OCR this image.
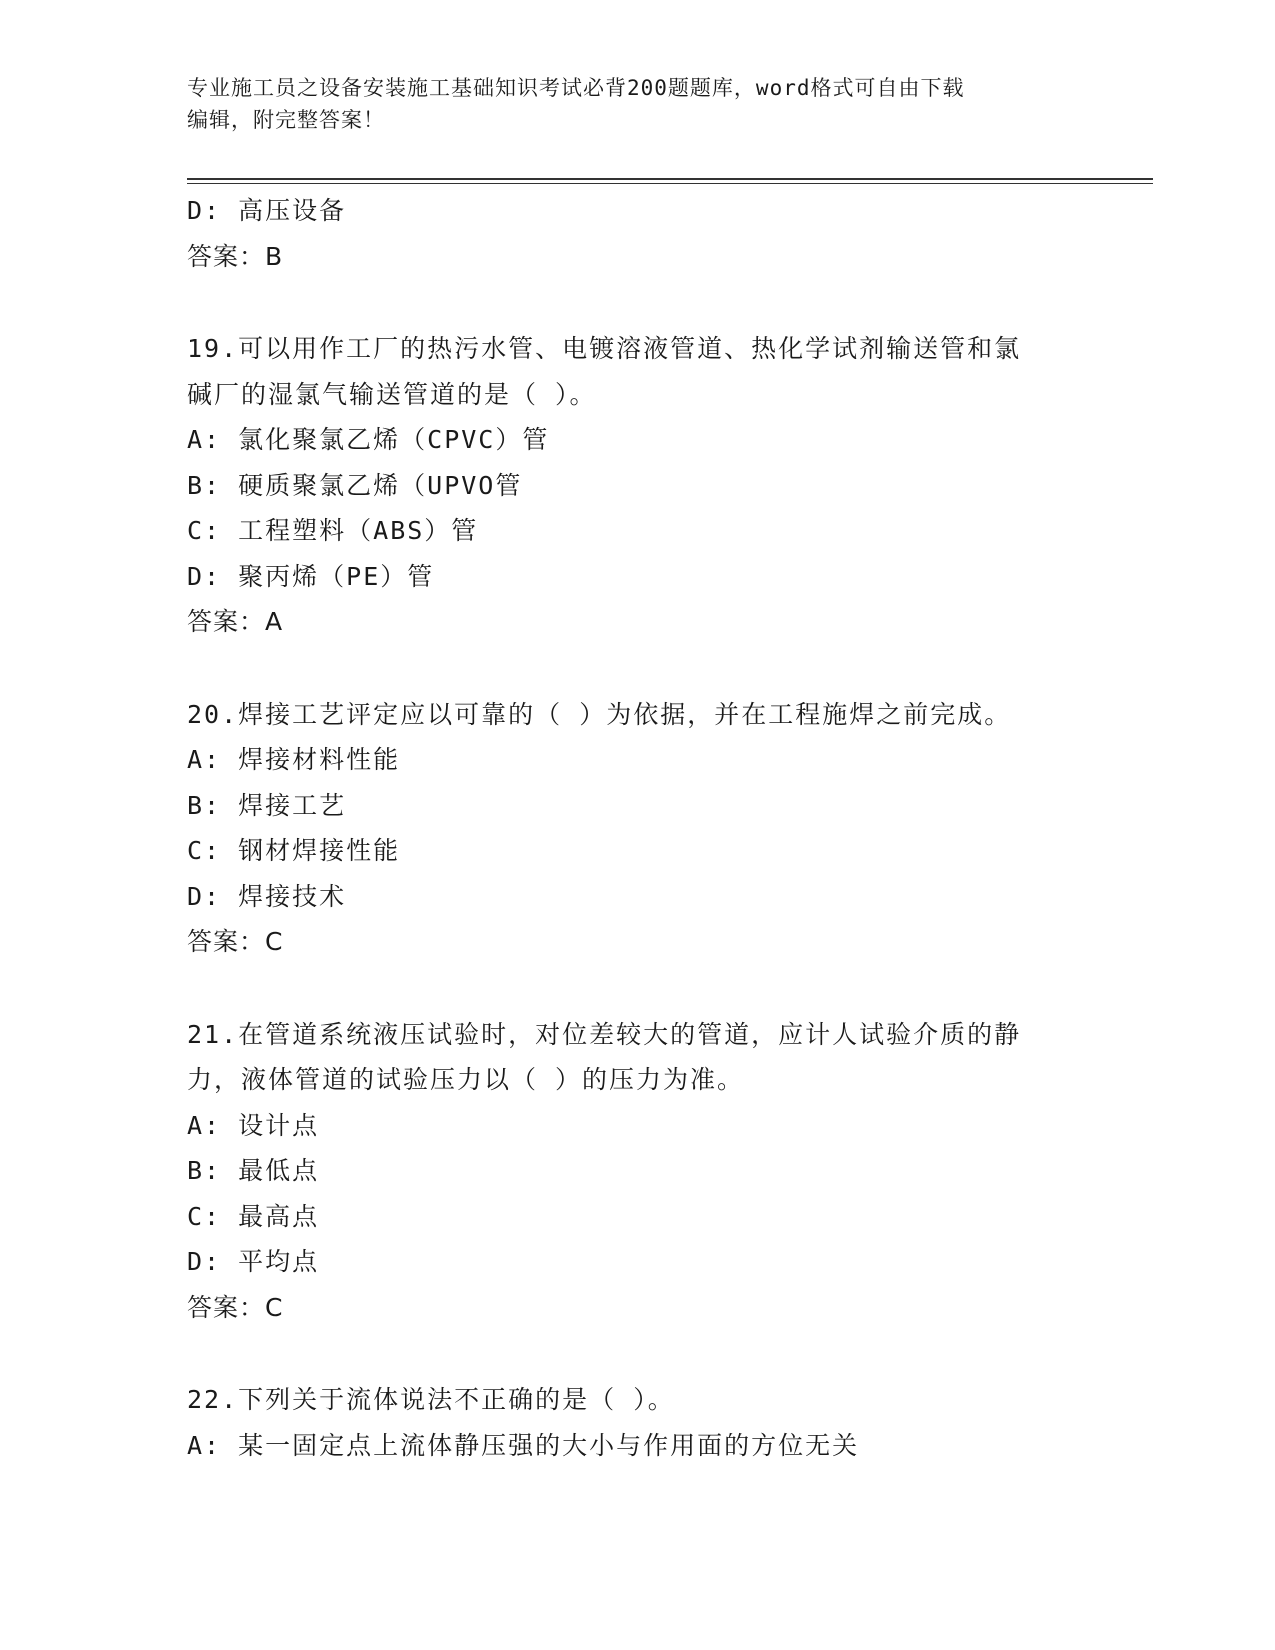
专业施工员之设备安装施工基础知识考试必背200题题库，word格式可自由下载
编辑，附完整答案！
D: 高压设备
答案：B
19.可以用作工厂的热污水管、电镀溶液管道、热化学试剂输送管和氯
碱厂的湿氯气输送管道的是（ ）。
A: 氯化聚氯乙烯（CPVC）管
B: 硬质聚氯乙烯（UPVO管
C: 工程塑料（ABS）管
D: 聚丙烯（PE）管
答案：A
20.焊接工艺评定应以可靠的（ ）为依据，并在工程施焊之前完成。
A: 焊接材料性能
B: 焊接工艺
C: 钢材焊接性能
D: 焊接技术
答案：C
21.在管道系统液压试验时，对位差较大的管道，应计人试验介质的静
力，液体管道的试验压力以（ ）的压力为准。
A: 设计点
B: 最低点
C: 最高点
D: 平均点
答案：C
22.下列关于流体说法不正确的是（ ）。
A: 某一固定点上流体静压强的大小与作用面的方位无关
